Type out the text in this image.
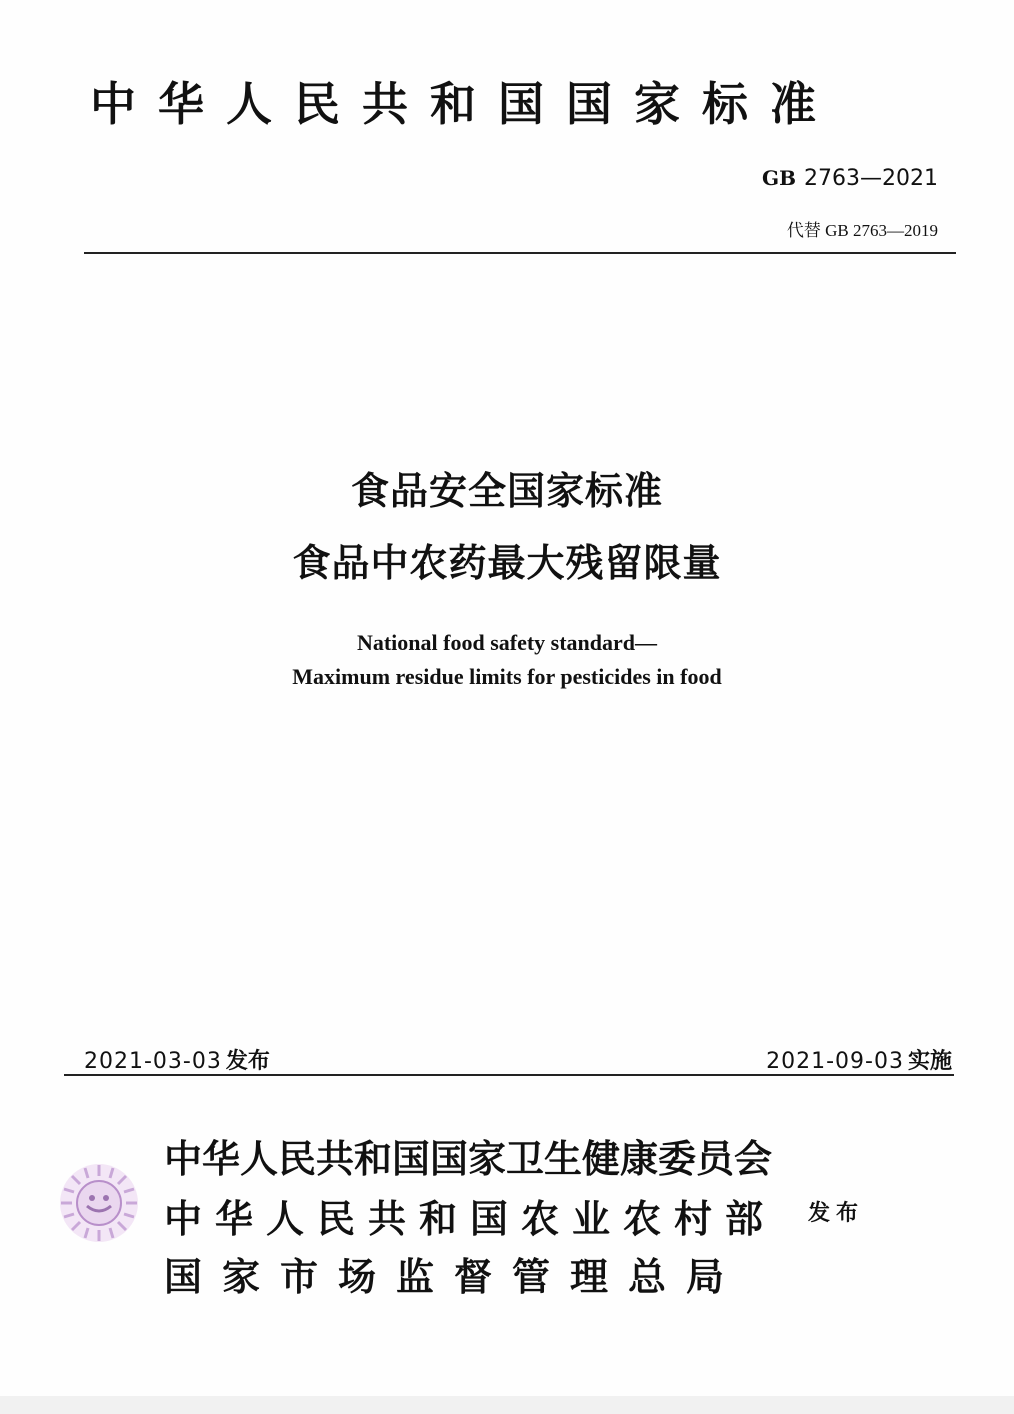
中华人民共和国国家标准
GB 2763—2021
代替 GB 2763—2019
食品安全国家标准
食品中农药最大残留限量
National food safety standard—
Maximum residue limits for pesticides in food
2021-03-03 发布	2021-09-03 实施
中华人民共和国国家卫生健康委员会
中华人民共和国农业农村部
国家市场监督管理总局
发布
